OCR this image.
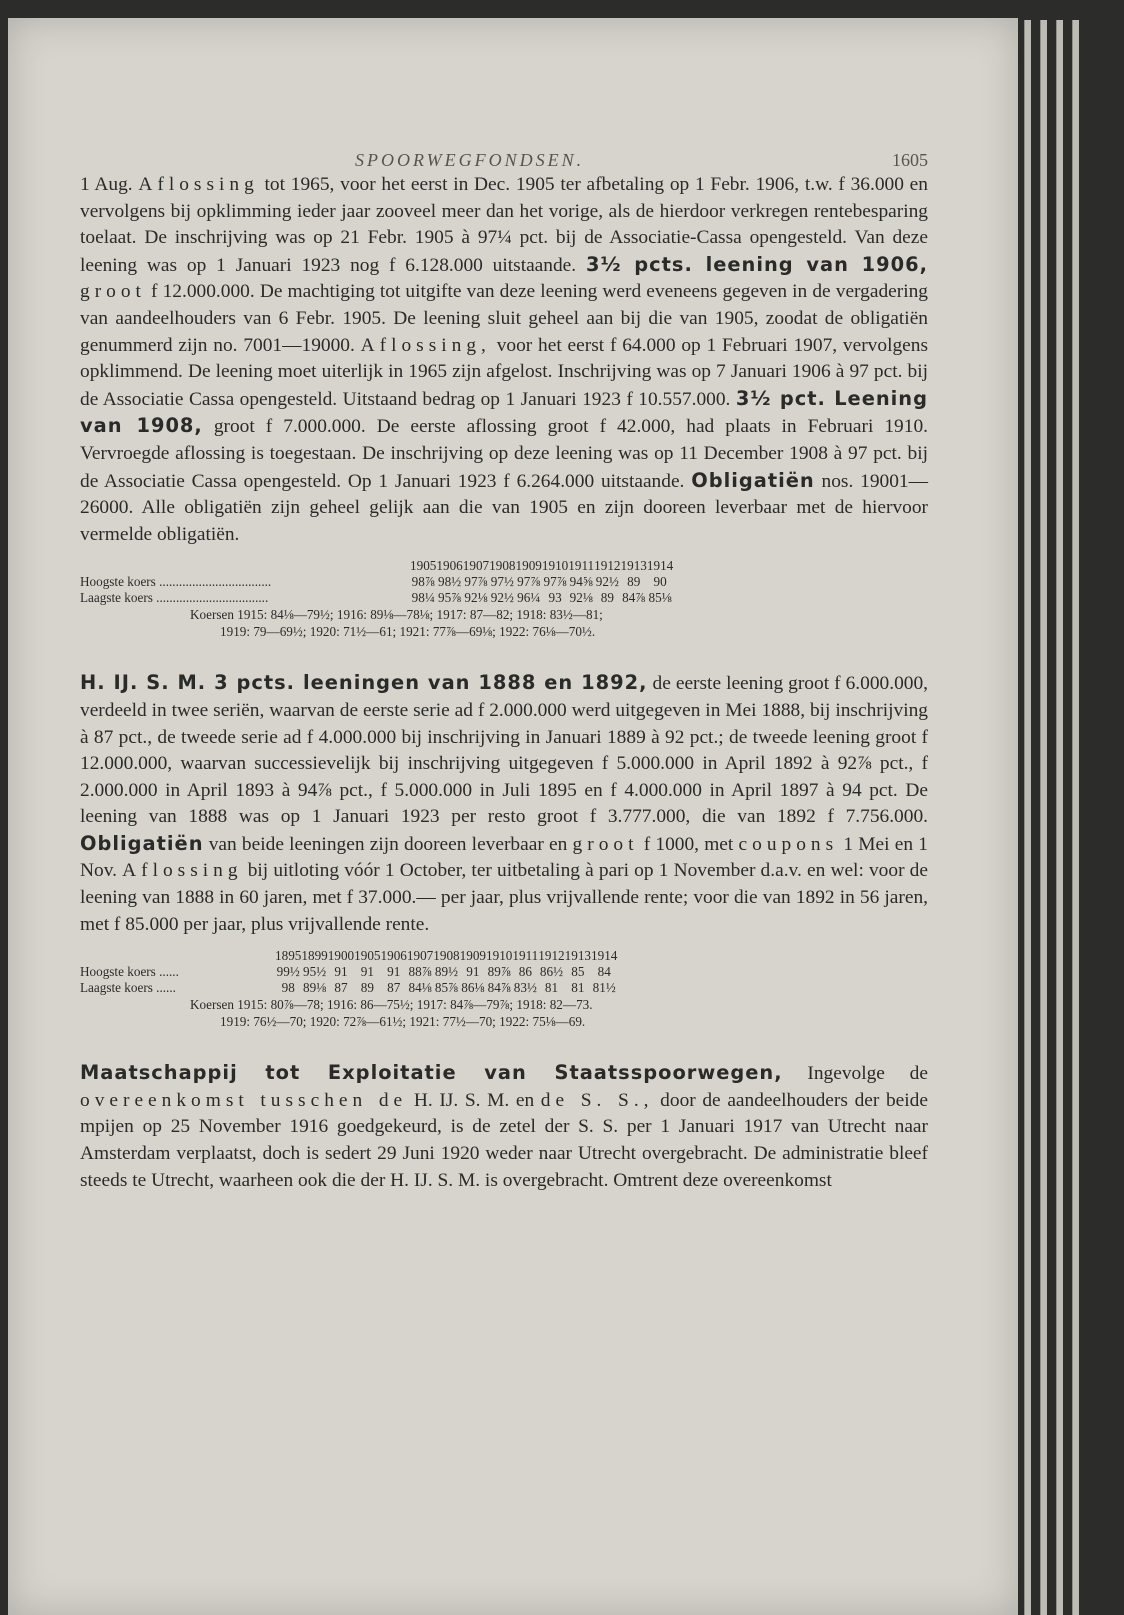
SPOORWEGFONDSEN.	1605

1 Aug. Aflossing tot 1965, voor het eerst in Dec. 1905 ter afbetaling op 1 Febr. 1906, t.w. f 36.000 en vervolgens bij opklimming ieder jaar zooveel meer dan het vorige, als de hierdoor verkregen rentebesparing toelaat. De inschrijving was op 21 Febr. 1905 à 97¼ pct. bij de Associatie-Cassa opengesteld. Van deze leening was op 1 Januari 1923 nog f 6.128.000 uitstaande. 3½ pcts. leening van 1906, groot f 12.000.000. De machtiging tot uitgifte van deze leening werd eveneens gegeven in de vergadering van aandeelhouders van 6 Febr. 1905. De leening sluit geheel aan bij die van 1905, zoodat de obligatiën genummerd zijn no. 7001—19000. Aflossing, voor het eerst f 64.000 op 1 Februari 1907, vervolgens opklimmend. De leening moet uiterlijk in 1965 zijn afgelost. Inschrijving was op 7 Januari 1906 à 97 pct. bij de Associatie Cassa opengesteld. Uitstaand bedrag op 1 Januari 1923 f 10.557.000. 3½ pct. Leening van 1908, groot f 7.000.000. De eerste aflossing groot f 42.000, had plaats in Februari 1910. Vervroegde aflossing is toegestaan. De inschrijving op deze leening was op 11 December 1908 à 97 pct. bij de Associatie Cassa opengesteld. Op 1 Januari 1923 f 6.264.000 uitstaande. Obligatiën nos. 19001—26000. Alle obligatiën zijn geheel gelijk aan die van 1905 en zijn dooreen leverbaar met de hiervoor vermelde obligatiën.

	1905	1906	1907	1908	1909	1910	1911	1912	1913	1914
Hoogste koers ..................................	98⅞	98½	97⅞	97½	97⅞	97⅞	94⅝	92½	89	90
Laagste koers ..................................	98¼	95⅞	92⅛	92½	96¼	93	92⅛	89	84⅞	85⅛
Koersen 1915: 84⅛—79½; 1916: 89⅛—78⅛; 1917: 87—82; 1918: 83½—81;
1919: 79—69½; 1920: 71½—61; 1921: 77⅞—69⅛; 1922: 76⅛—70½.

H. IJ. S. M. 3 pcts. leeningen van 1888 en 1892, de eerste leening groot f 6.000.000, verdeeld in twee seriën, waarvan de eerste serie ad f 2.000.000 werd uitgegeven in Mei 1888, bij inschrijving à 87 pct., de tweede serie ad f 4.000.000 bij inschrijving in Januari 1889 à 92 pct.; de tweede leening groot f 12.000.000, waarvan successievelijk bij inschrijving uitgegeven f 5.000.000 in April 1892 à 92⅞ pct., f 2.000.000 in April 1893 à 94⅞ pct., f 5.000.000 in Juli 1895 en f 4.000.000 in April 1897 à 94 pct. De leening van 1888 was op 1 Januari 1923 per resto groot f 3.777.000, die van 1892 f 7.756.000. Obligatiën van beide leeningen zijn dooreen leverbaar en groot f 1000, met coupons 1 Mei en 1 Nov. Aflossing bij uitloting vóór 1 October, ter uitbetaling à pari op 1 November d.a.v. en wel: voor de leening van 1888 in 60 jaren, met f 37.000.— per jaar, plus vrijvallende rente; voor die van 1892 in 56 jaren, met f 85.000 per jaar, plus vrijvallende rente.

	1895	1899	1900	1905	1906	1907	1908	1909	1910	1911	1912	1913	1914
Hoogste koers ......	99½	95½	91	91	91	88⅞	89½	91	89⅞	86	86½	85	84
Laagste koers ......	98	89⅛	87	89	87	84⅛	85⅞	86⅛	84⅞	83½	81	81	81½
Koersen 1915: 80⅞—78; 1916: 86—75½; 1917: 84⅞—79⅞; 1918: 82—73.
1919: 76½—70; 1920: 72⅞—61½; 1921: 77½—70; 1922: 75⅛—69.

Maatschappij tot Exploitatie van Staatsspoorwegen, Ingevolge de overeenkomst tusschen de H. IJ. S. M. en de S. S., door de aandeelhouders der beide mpijen op 25 November 1916 goedgekeurd, is de zetel der S. S. per 1 Januari 1917 van Utrecht naar Amsterdam verplaatst, doch is sedert 29 Juni 1920 weder naar Utrecht overgebracht. De administratie bleef steeds te Utrecht, waarheen ook die der H. IJ. S. M. is overgebracht. Omtrent deze overeenkomst
